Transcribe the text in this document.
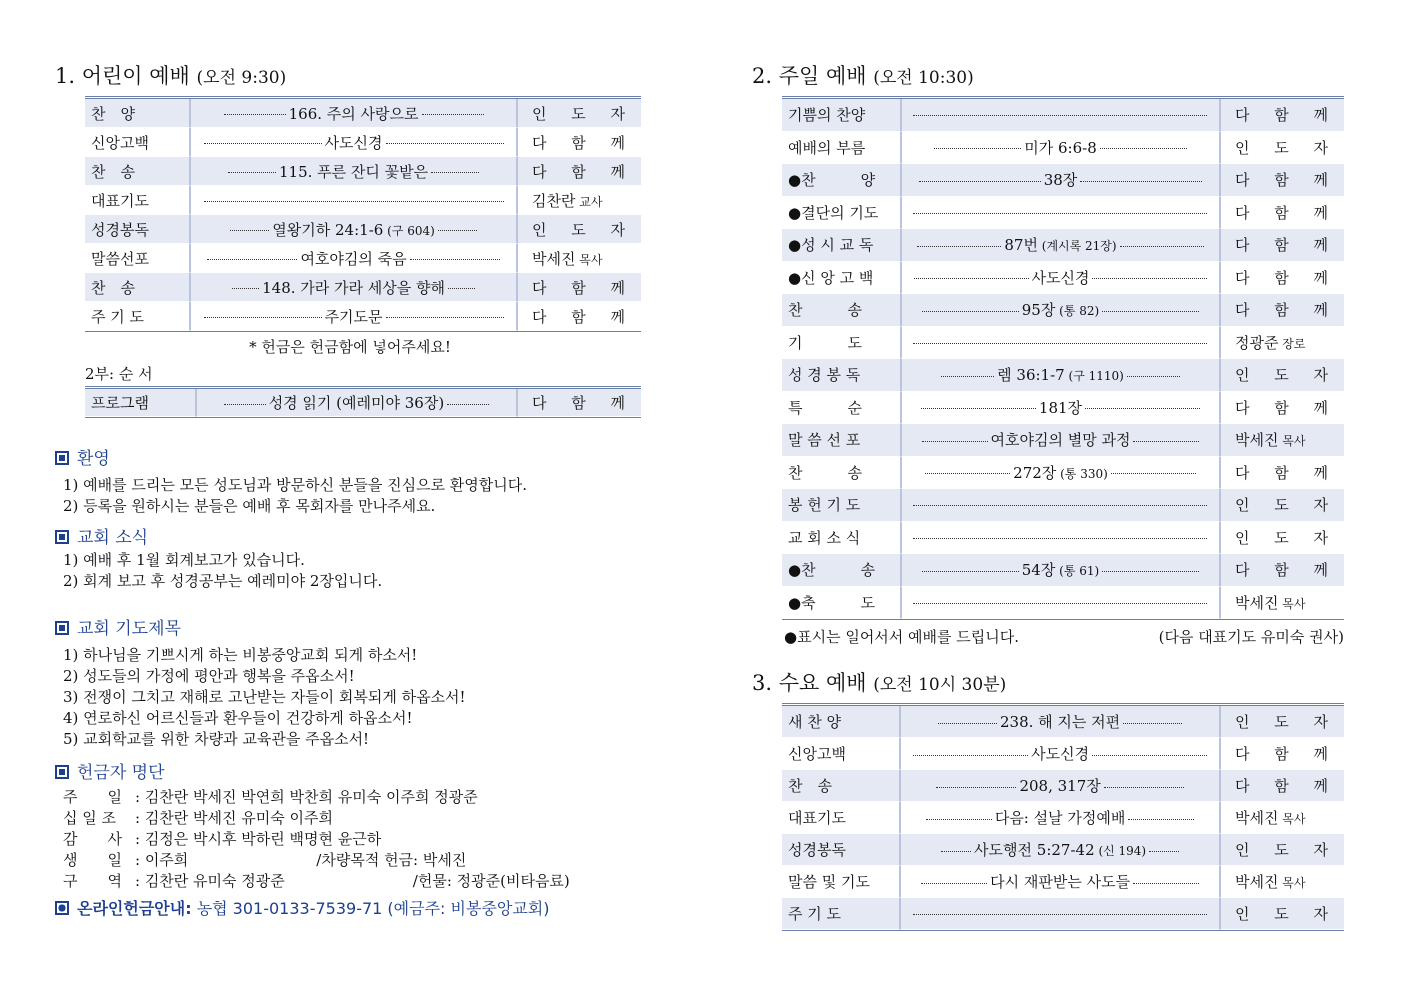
1. 어린이 예배 (오전 9:30)
찬　양	166. 주의 사랑으로	인 도 자
신앙고백	사도신경	다 함 께
찬　송	115. 푸른 잔디 꽃밭은	다 함 께
대표기도		김찬란 교사
성경봉독	열왕기하 24:1-6 (구 604)	인 도 자
말씀선포	여호야김의 죽음	박세진 목사
찬　송	148. 가라 가라 세상을 향해	다 함 께
주 기 도	주기도문	다 함 께
* 헌금은 헌금함에 넣어주세요!
2부: 순 서
프로그램	성경 읽기 (예레미야 36장)	다 함 께
환영
1) 예배를 드리는 모든 성도님과 방문하신 분들을 진심으로 환영합니다.
2) 등록을 원하시는 분들은 예배 후 목회자를 만나주세요.
교회 소식
1) 예배 후 1월 회계보고가 있습니다.
2) 회계 보고 후 성경공부는 예레미야 2장입니다.
교회 기도제목
1) 하나님을 기쁘시게 하는 비봉중앙교회 되게 하소서!
2) 성도들의 가정에 평안과 행복을 주옵소서!
3) 전쟁이 그치고 재해로 고난받는 자들이 회복되게 하옵소서!
4) 연로하신 어르신들과 환우들이 건강하게 하옵소서!
5) 교회학교를 위한 차량과 교육관을 주옵소서!
헌금자 명단
주　　일 : 김찬란 박세진 박연희 박찬희 유미숙 이주희 정광준
십 일 조 : 김찬란 박세진 유미숙 이주희
감　　사 : 김정은 박시후 박하린 백명현 윤근하
생　　일 : 이주희	/차량목적 헌금: 박세진
구　　역 : 김찬란 유미숙 정광준	/헌물: 정광준(비타음료)
온라인헌금안내: 농협 301-0133-7539-71 (예금주: 비봉중앙교회)
2. 주일 예배 (오전 10:30)
기쁨의 찬양		다 함 께
예배의 부름	미가 6:6-8	인 도 자
●찬　　　양	38장	다 함 께
●결단의 기도		다 함 께
●성 시 교 독	87번 (계시록 21장)	다 함 께
●신 앙 고 백	사도신경	다 함 께
찬　　　송	95장 (통 82)	다 함 께
기　　　도		정광준 장로
성 경 봉 독	렘 36:1-7 (구 1110)	인 도 자
특　　　순	181장	다 함 께
말 씀 선 포	여호야김의 별망 과정	박세진 목사
찬　　　송	272장 (통 330)	다 함 께
봉 헌 기 도		인 도 자
교 회 소 식		인 도 자
●찬　　　송	54장 (통 61)	다 함 께
●축　　　도		박세진 목사
●표시는 일어서서 예배를 드립니다.	(다음 대표기도 유미숙 권사)
3. 수요 예배 (오전 10시 30분)
새 찬 양	238. 해 지는 저편	인 도 자
신앙고백	사도신경	다 함 께
찬　송	208, 317장	다 함 께
대표기도	다음: 설날 가정예배	박세진 목사
성경봉독	사도행전 5:27-42 (신 194)	인 도 자
말씀 및 기도	다시 재판받는 사도들	박세진 목사
주 기 도		인 도 자
